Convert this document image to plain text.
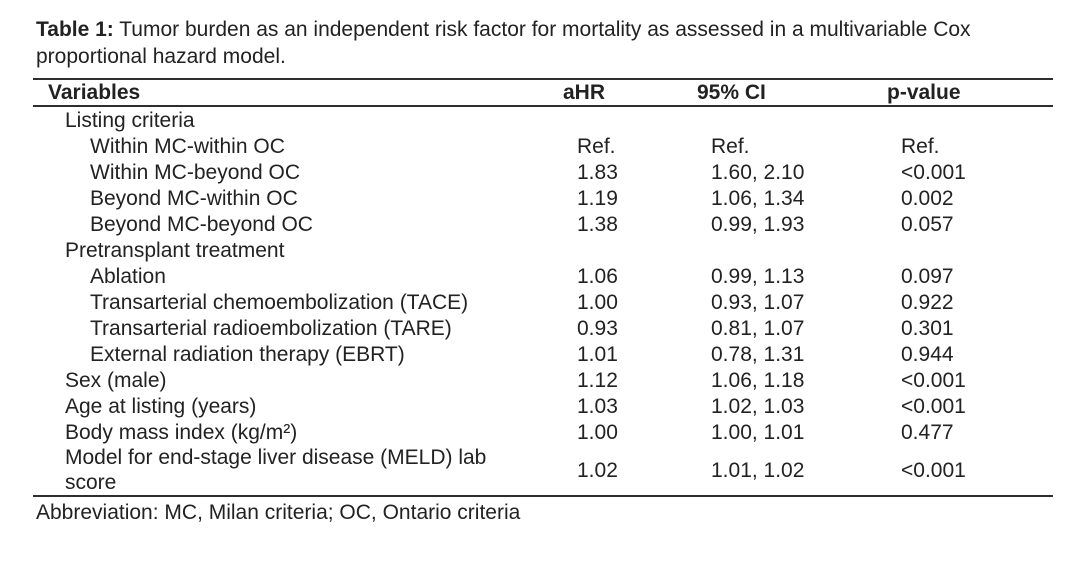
Table 1: Tumor burden as an independent risk factor for mortality as assessed in a multivariable Cox
proportional hazard model.
Variables	aHR	95% CI	p-value
Listing criteria
Within MC-within OC	Ref.	Ref.	Ref.
Within MC-beyond OC	1.83	1.60, 2.10	<0.001
Beyond MC-within OC	1.19	1.06, 1.34	0.002
Beyond MC-beyond OC	1.38	0.99, 1.93	0.057
Pretransplant treatment
Ablation	1.06	0.99, 1.13	0.097
Transarterial chemoembolization (TACE)	1.00	0.93, 1.07	0.922
Transarterial radioembolization (TARE)	0.93	0.81, 1.07	0.301
External radiation therapy (EBRT)	1.01	0.78, 1.31	0.944
Sex (male)	1.12	1.06, 1.18	<0.001
Age at listing (years)	1.03	1.02, 1.03	<0.001
Body mass index (kg/m²)	1.00	1.00, 1.01	0.477
Model for end-stage liver disease (MELD) lab score
1.02	1.01, 1.02	<0.001
Abbreviation: MC, Milan criteria; OC, Ontario criteria
